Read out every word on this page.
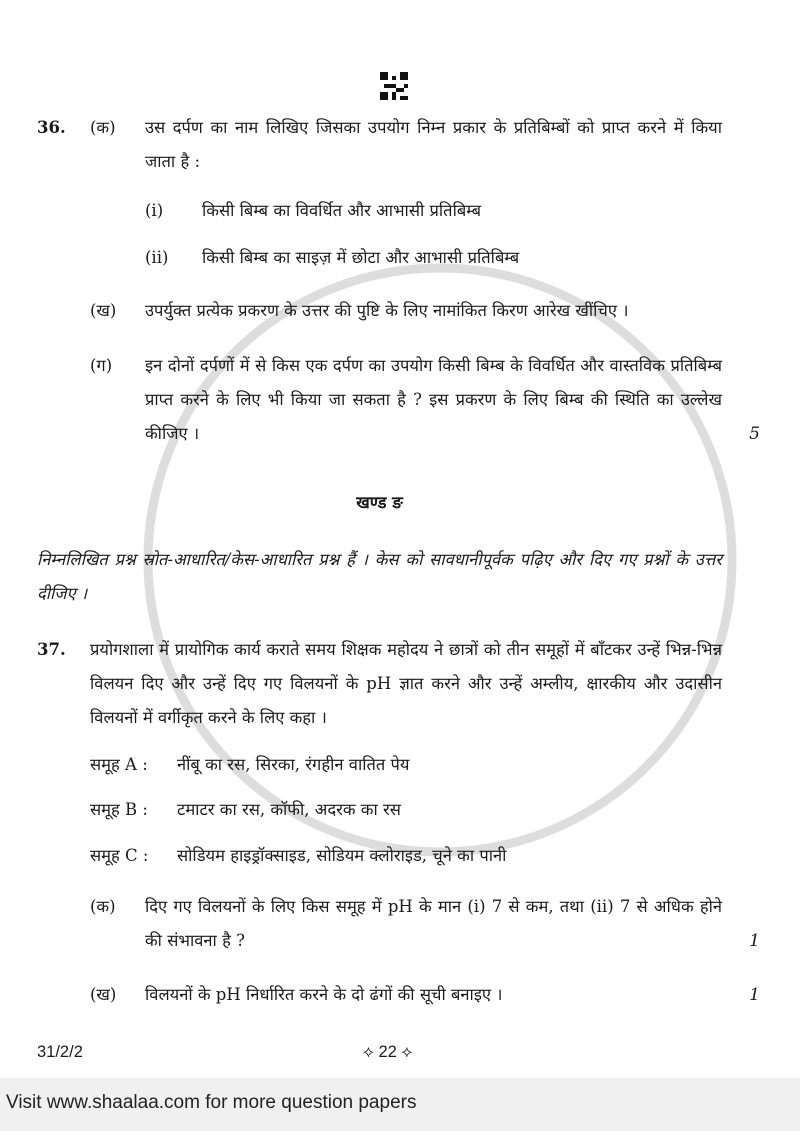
36.	(क)	उस दर्पण का नाम लिखिए जिसका उपयोग निम्न प्रकार के प्रतिबिम्बों को प्राप्त करने में किया जाता है :
(i)	किसी बिम्ब का विवर्धित और आभासी प्रतिबिम्ब
(ii)	किसी बिम्ब का साइज़ में छोटा और आभासी प्रतिबिम्ब
(ख)	उपर्युक्त प्रत्येक प्रकरण के उत्तर की पुष्टि के लिए नामांकित किरण आरेख खींचिए ।
(ग)	इन दोनों दर्पणों में से किस एक दर्पण का उपयोग किसी बिम्ब के विवर्धित और वास्तविक प्रतिबिम्ब प्राप्त करने के लिए भी किया जा सकता है ? इस प्रकरण के लिए बिम्ब की स्थिति का उल्लेख कीजिए ।	5
खण्ड ङ
निम्नलिखित प्रश्न स्रोत-आधारित/केस-आधारित प्रश्न हैं । केस को सावधानीपूर्वक पढ़िए और दिए गए प्रश्नों के उत्तर दीजिए ।
37.	प्रयोगशाला में प्रायोगिक कार्य कराते समय शिक्षक महोदय ने छात्रों को तीन समूहों में बाँटकर उन्हें भिन्न-भिन्न विलयन दिए और उन्हें दिए गए विलयनों के pH ज्ञात करने और उन्हें अम्लीय, क्षारकीय और उदासीन विलयनों में वर्गीकृत करने के लिए कहा ।
समूह A :	नींबू का रस, सिरका, रंगहीन वातित पेय
समूह B :	टमाटर का रस, कॉफी, अदरक का रस
समूह C :	सोडियम हाइड्रॉक्साइड, सोडियम क्लोराइड, चूने का पानी
(क)	दिए गए विलयनों के लिए किस समूह में pH के मान (i) 7 से कम, तथा (ii) 7 से अधिक होने की संभावना है ?	1
(ख)	विलयनों के pH निर्धारित करने के दो ढंगों की सूची बनाइए ।	1
31/2/2	⟡ 22 ⟡
Visit www.shaalaa.com for more question papers
